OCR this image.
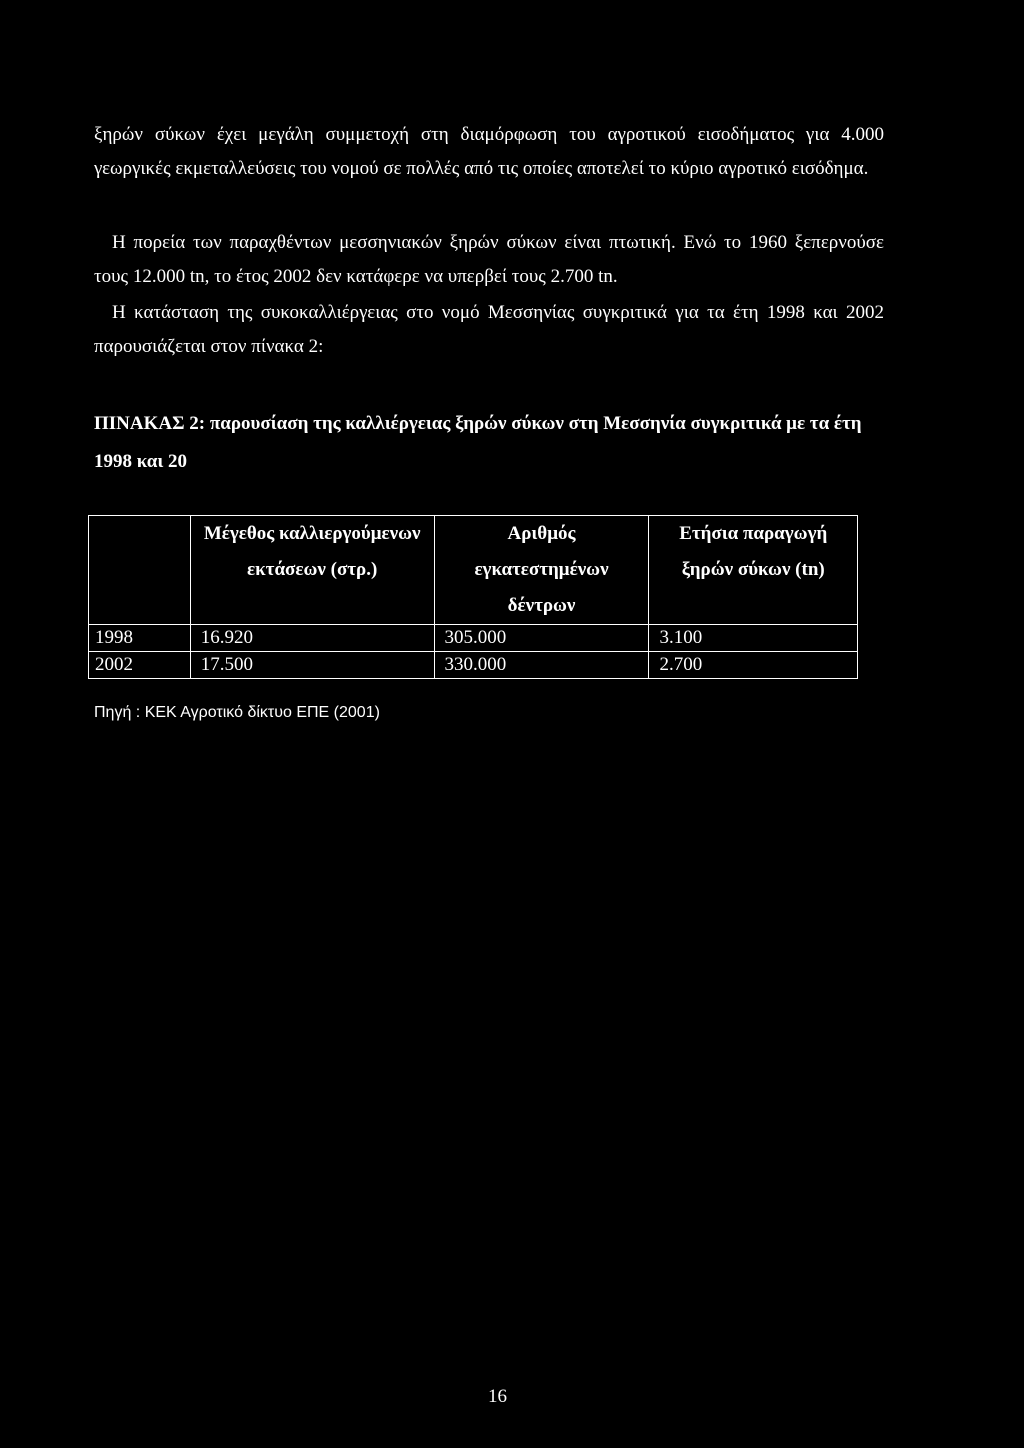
ξηρών σύκων έχει μεγάλη συμμετοχή στη διαμόρφωση του αγροτικού εισοδήματος για 4.000 γεωργικές εκμεταλλεύσεις του νομού σε πολλές από τις οποίες αποτελεί το κύριο αγροτικό εισόδημα.

Η πορεία των παραχθέντων μεσσηνιακών ξηρών σύκων είναι πτωτική. Ενώ το 1960 ξεπερνούσε τους 12.000 tn, το έτος 2002 δεν κατάφερε να υπερβεί τους 2.700 tn.

Η κατάσταση της συκοκαλλιέργειας στο νομό Μεσσηνίας συγκριτικά για τα έτη 1998 και 2002 παρουσιάζεται στον πίνακα 2:

ΠΙΝΑΚΑΣ 2: παρουσίαση της καλλιέργειας ξηρών σύκων στη Μεσσηνία συγκριτικά με τα έτη 1998 και 20

	Μέγεθος καλλιεργούμενων εκτάσεων (στρ.)	Αριθμός εγκατεστημένων δέντρων	Ετήσια παραγωγή ξηρών σύκων (tn)
1998	16.920	305.000	3.100
2002	17.500	330.000	2.700

Πηγή : ΚΕΚ Αγροτικό δίκτυο ΕΠΕ (2001)

16
